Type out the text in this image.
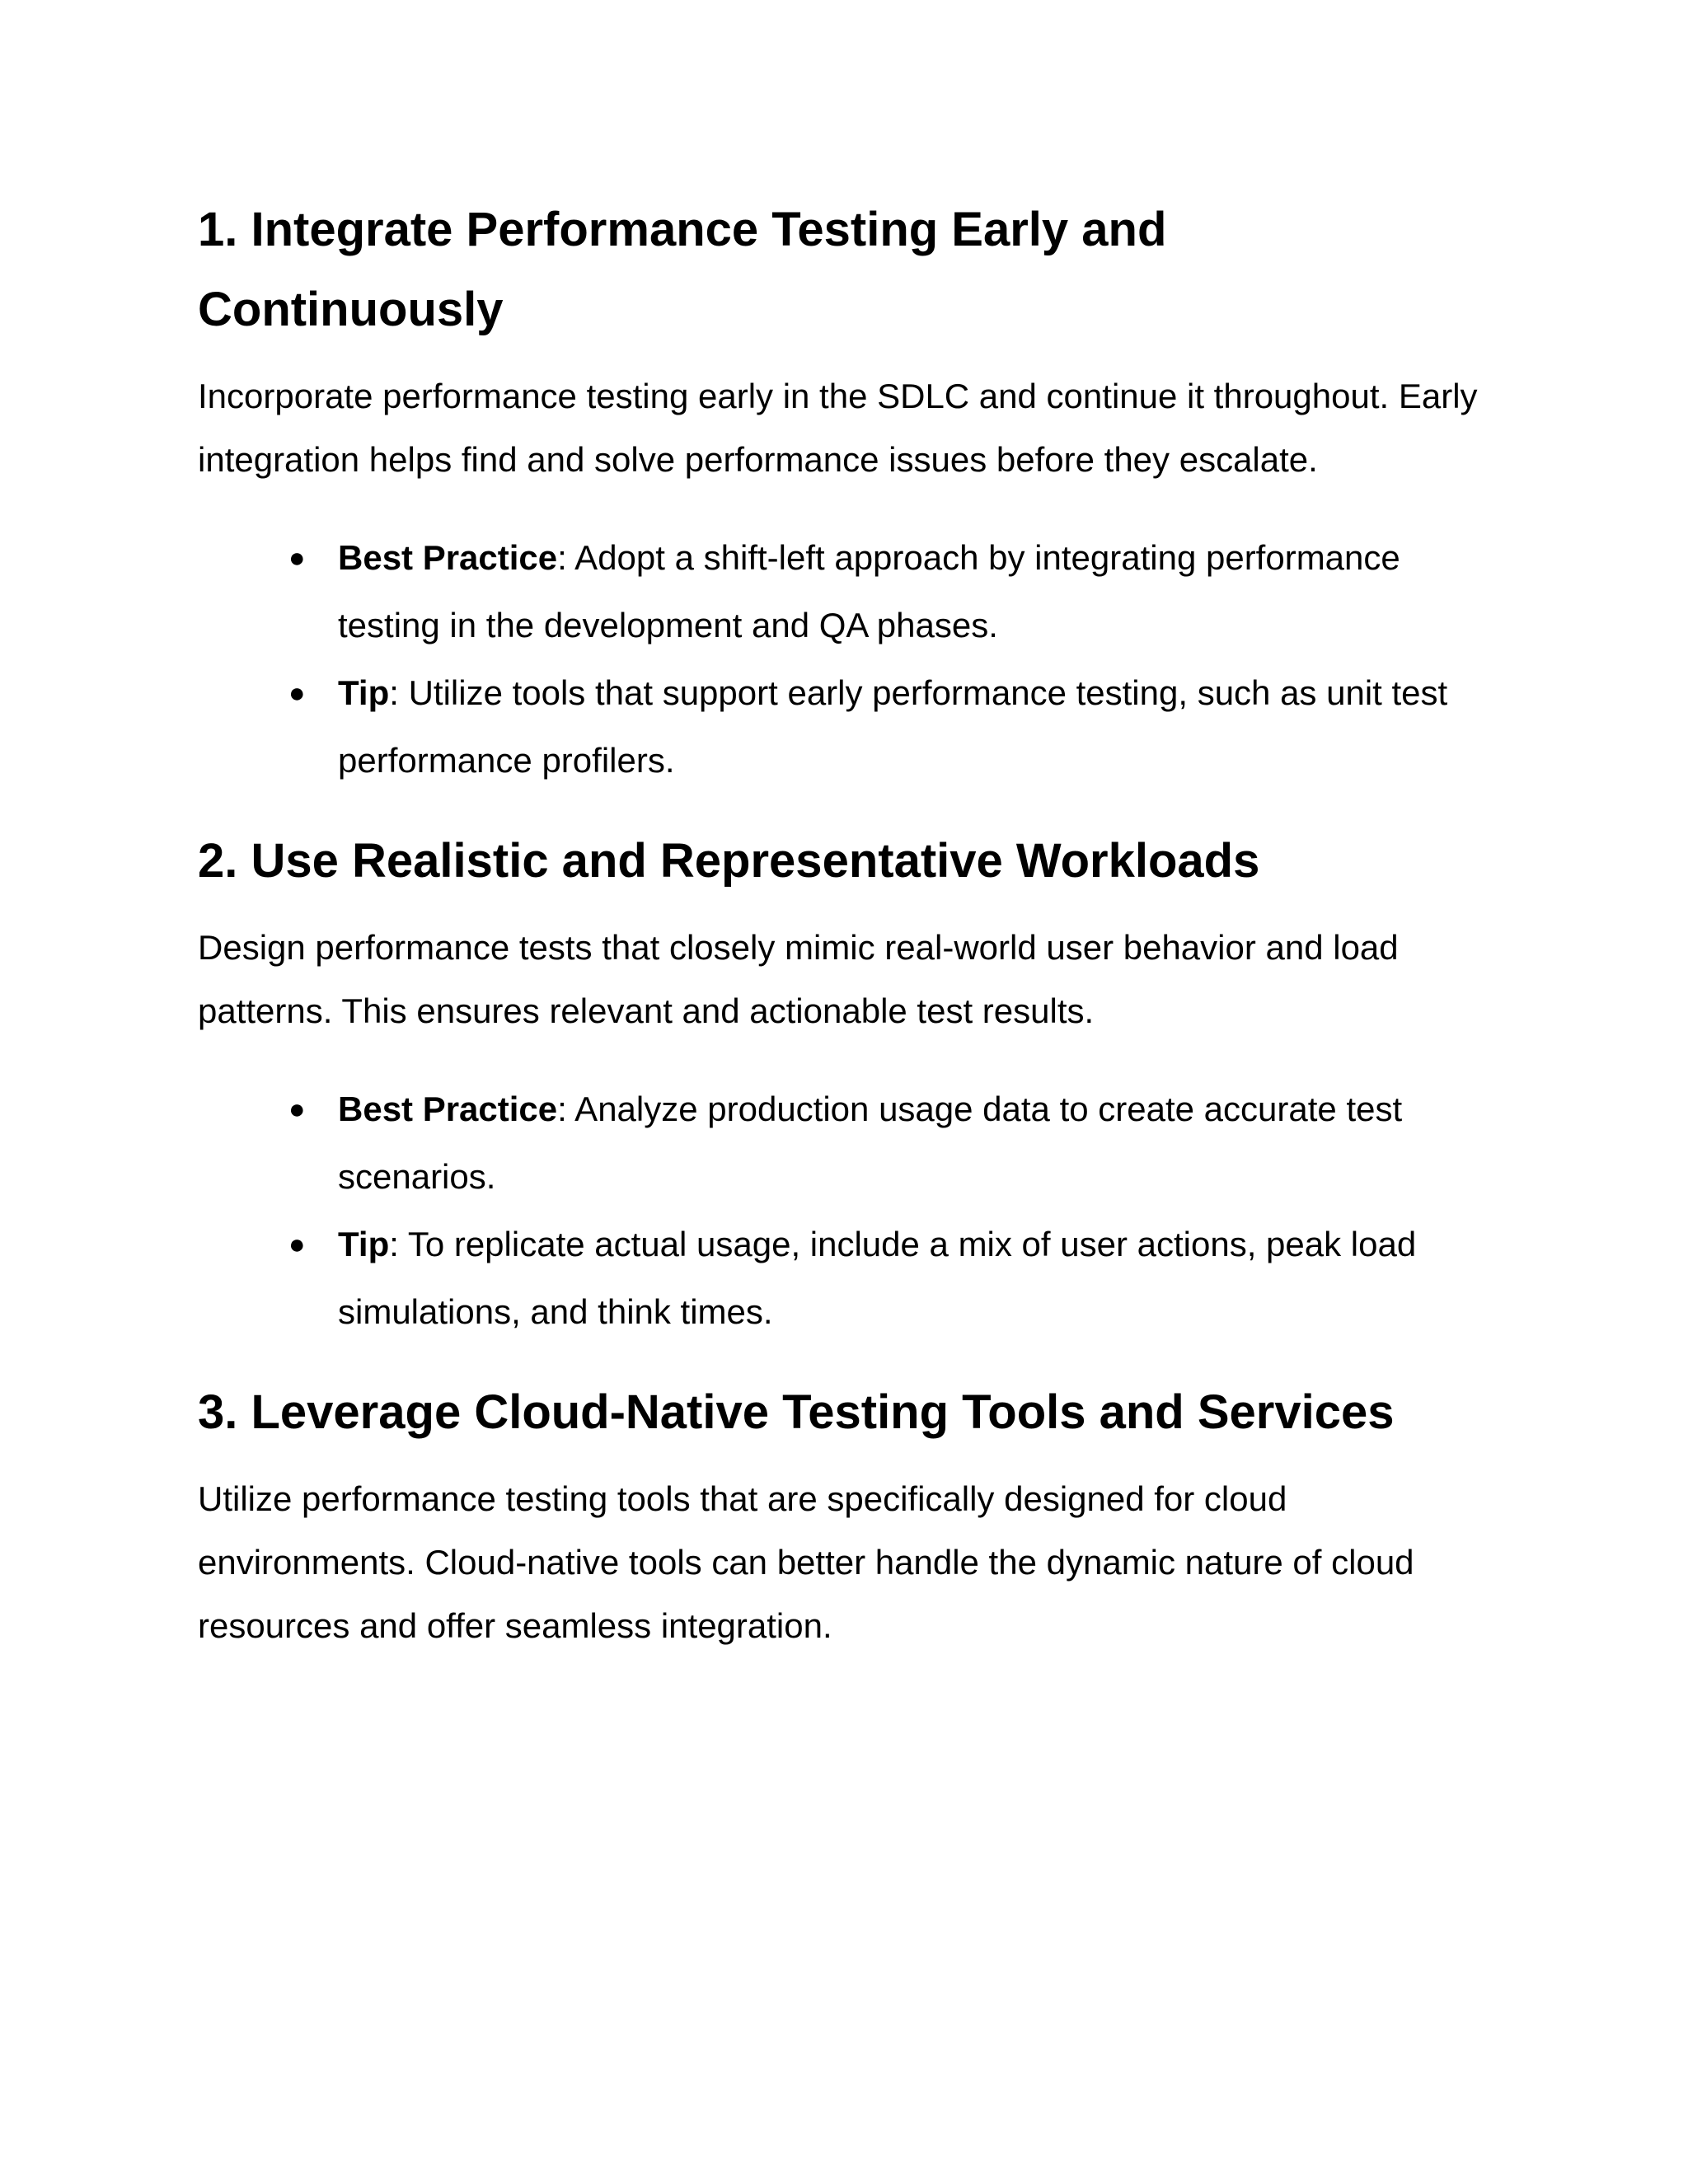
1. Integrate Performance Testing Early and Continuously

Incorporate performance testing early in the SDLC and continue it throughout. Early integration helps find and solve performance issues before they escalate.

● Best Practice: Adopt a shift-left approach by integrating performance testing in the development and QA phases.
● Tip: Utilize tools that support early performance testing, such as unit test performance profilers.
2. Use Realistic and Representative Workloads

Design performance tests that closely mimic real-world user behavior and load patterns. This ensures relevant and actionable test results.

● Best Practice: Analyze production usage data to create accurate test scenarios.
● Tip: To replicate actual usage, include a mix of user actions, peak load simulations, and think times.
3. Leverage Cloud-Native Testing Tools and Services

Utilize performance testing tools that are specifically designed for cloud environments. Cloud-native tools can better handle the dynamic nature of cloud resources and offer seamless integration.
